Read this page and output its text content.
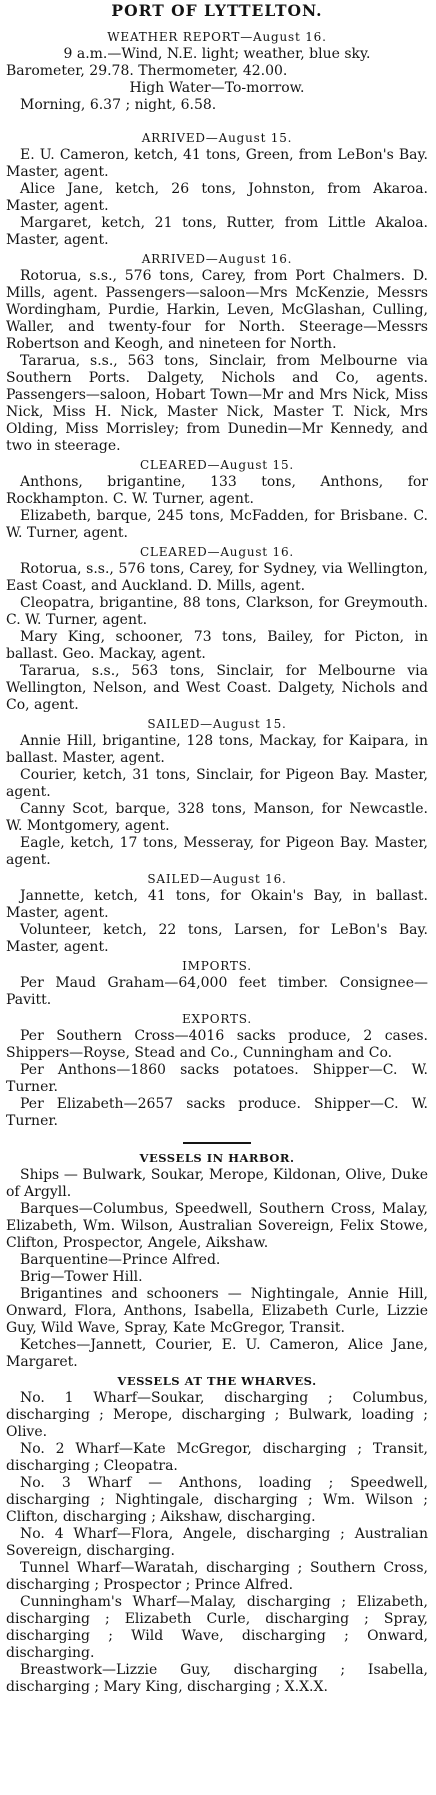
PORT OF LYTTELTON.
WEATHER REPORT—August 16.

9 a.m.—Wind, N.E. light; weather, blue sky.

Barometer, 29.78. Thermometer, 42.00.

High Water—To-morrow.

Morning, 6.37 ; night, 6.58.

ARRIVED—August 15.

E. U. Cameron, ketch, 41 tons, Green, from LeBon's Bay. Master, agent.

Alice Jane, ketch, 26 tons, Johnston, from Akaroa. Master, agent.

Margaret, ketch, 21 tons, Rutter, from Little Akaloa. Master, agent.

ARRIVED—August 16.

Rotorua, s.s., 576 tons, Carey, from Port Chalmers. D. Mills, agent. Passengers—saloon—Mrs McKenzie, Messrs Wordingham, Purdie, Harkin, Leven, McGlashan, Culling, Waller, and twenty-four for North. Steerage—Messrs Robertson and Keogh, and nineteen for North.

Tararua, s.s., 563 tons, Sinclair, from Melbourne via Southern Ports. Dalgety, Nichols and Co, agents. Passengers—saloon, Hobart Town—Mr and Mrs Nick, Miss Nick, Miss H. Nick, Master Nick, Master T. Nick, Mrs Olding, Miss Morrisley; from Dunedin—Mr Kennedy, and two in steerage.

CLEARED—August 15.

Anthons, brigantine, 133 tons, Anthons, for Rockhampton. C. W. Turner, agent.

Elizabeth, barque, 245 tons, McFadden, for Brisbane. C. W. Turner, agent.

CLEARED—August 16.

Rotorua, s.s., 576 tons, Carey, for Sydney, via Wellington, East Coast, and Auckland. D. Mills, agent.

Cleopatra, brigantine, 88 tons, Clarkson, for Greymouth. C. W. Turner, agent.

Mary King, schooner, 73 tons, Bailey, for Picton, in ballast. Geo. Mackay, agent.

Tararua, s.s., 563 tons, Sinclair, for Melbourne via Wellington, Nelson, and West Coast. Dalgety, Nichols and Co, agent.

SAILED—August 15.

Annie Hill, brigantine, 128 tons, Mackay, for Kaipara, in ballast. Master, agent.

Courier, ketch, 31 tons, Sinclair, for Pigeon Bay. Master, agent.

Canny Scot, barque, 328 tons, Manson, for Newcastle. W. Montgomery, agent.

Eagle, ketch, 17 tons, Messeray, for Pigeon Bay. Master, agent.

SAILED—August 16.

Jannette, ketch, 41 tons, for Okain's Bay, in ballast. Master, agent.

Volunteer, ketch, 22 tons, Larsen, for LeBon's Bay. Master, agent.

IMPORTS.

Per Maud Graham—64,000 feet timber. Consignee—Pavitt.

EXPORTS.

Per Southern Cross—4016 sacks produce, 2 cases. Shippers—Royse, Stead and Co., Cunningham and Co.

Per Anthons—1860 sacks potatoes. Shipper—C. W. Turner.

Per Elizabeth—2657 sacks produce. Shipper—C. W. Turner.

VESSELS IN HARBOR.

Ships — Bulwark, Soukar, Merope, Kildonan, Olive, Duke of Argyll.

Barques—Columbus, Speedwell, Southern Cross, Malay, Elizabeth, Wm. Wilson, Australian Sovereign, Felix Stowe, Clifton, Prospector, Angele, Aikshaw.

Barquentine—Prince Alfred.

Brig—Tower Hill.

Brigantines and schooners — Nightingale, Annie Hill, Onward, Flora, Anthons, Isabella, Elizabeth Curle, Lizzie Guy, Wild Wave, Spray, Kate McGregor, Transit.

Ketches—Jannett, Courier, E. U. Cameron, Alice Jane, Margaret.

VESSELS AT THE WHARVES.

No. 1 Wharf—Soukar, discharging ; Columbus, discharging ; Merope, discharging ; Bulwark, loading ; Olive.

No. 2 Wharf—Kate McGregor, discharging ; Transit, discharging ; Cleopatra.

No. 3 Wharf — Anthons, loading ; Speedwell, discharging ; Nightingale, discharging ; Wm. Wilson ; Clifton, discharging ; Aikshaw, discharging.

No. 4 Wharf—Flora, Angele, discharging ; Australian Sovereign, discharging.

Tunnel Wharf—Waratah, discharging ; Southern Cross, discharging ; Prospector ; Prince Alfred.

Cunningham's Wharf—Malay, discharging ; Elizabeth, discharging ; Elizabeth Curle, discharging ; Spray, discharging ; Wild Wave, discharging ; Onward, discharging.

Breastwork—Lizzie Guy, discharging ; Isabella, discharging ; Mary King, discharging ; X.X.X.
